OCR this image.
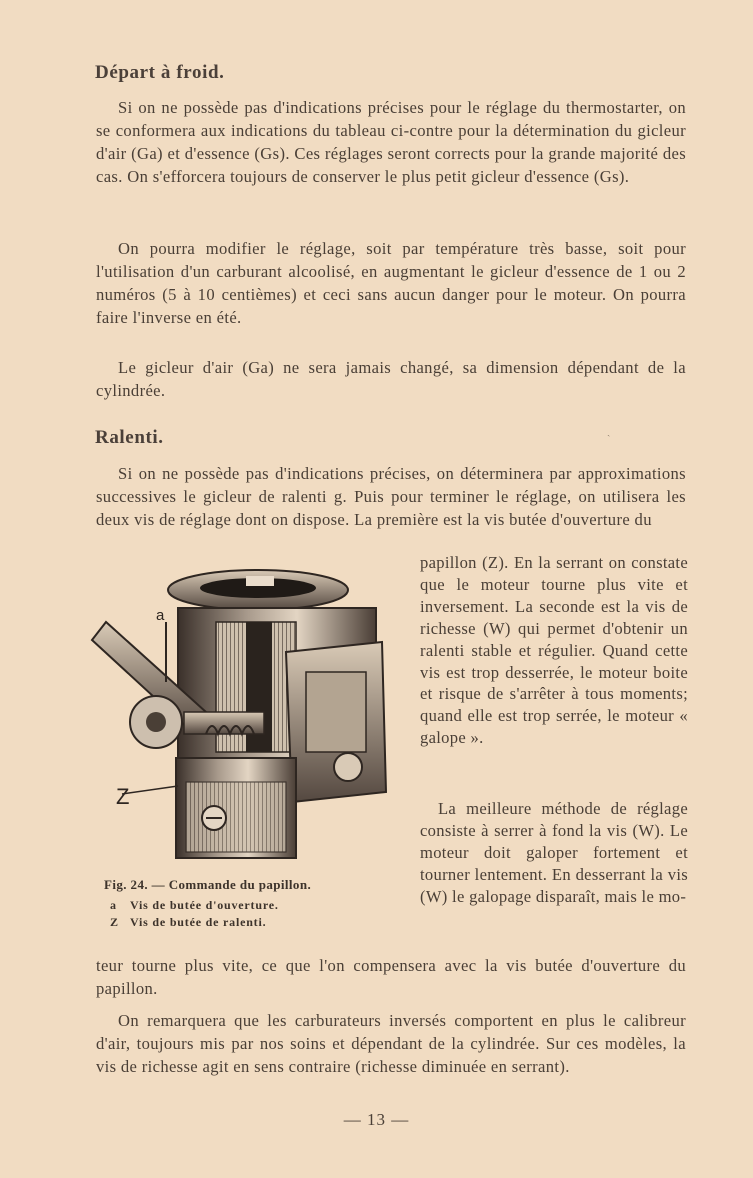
Départ à froid.

Si on ne possède pas d'indications précises pour le réglage du thermostarter, on se conformera aux indications du tableau ci-contre pour la détermination du gicleur d'air (Ga) et d'essence (Gs). Ces réglages seront corrects pour la grande majorité des cas. On s'efforcera toujours de conserver le plus petit gicleur d'essence (Gs).

On pourra modifier le réglage, soit par température très basse, soit pour l'utilisation d'un carburant alcoolisé, en augmentant le gicleur d'essence de 1 ou 2 numéros (5 à 10 centièmes) et ceci sans aucun danger pour le moteur. On pourra faire l'inverse en été.

Le gicleur d'air (Ga) ne sera jamais changé, sa dimension dépendant de la cylindrée.

Ralenti.	ˎ

Si on ne possède pas d'indications précises, on déterminera par approximations successives le gicleur de ralenti g. Puis pour terminer le réglage, on utilisera les deux vis de réglage dont on dispose. La première est la vis butée d'ouverture du

papillon (Z). En la serrant on constate que le moteur tourne plus vite et inversement. La seconde est la vis de richesse (W) qui permet d'obtenir un ralenti stable et régulier. Quand cette vis est trop desserrée, le moteur boite et risque de s'arrêter à tous moments; quand elle est trop serrée, le moteur « galope ».

La meilleure méthode de réglage consiste à serrer à fond la vis (W). Le moteur doit galoper fortement et tourner lentement. En desserrant la vis (W) le galopage disparaît, mais le mo-

a
Z
Fig. 24. — Commande du papillon.
a Vis de butée d'ouverture.
Z Vis de butée de ralenti.

teur tourne plus vite, ce que l'on compensera avec la vis butée d'ouverture du papillon.

On remarquera que les carburateurs inversés comportent en plus le calibreur d'air, toujours mis par nos soins et dépendant de la cylindrée. Sur ces modèles, la vis de richesse agit en sens contraire (richesse diminuée en serrant).

— 13 —
